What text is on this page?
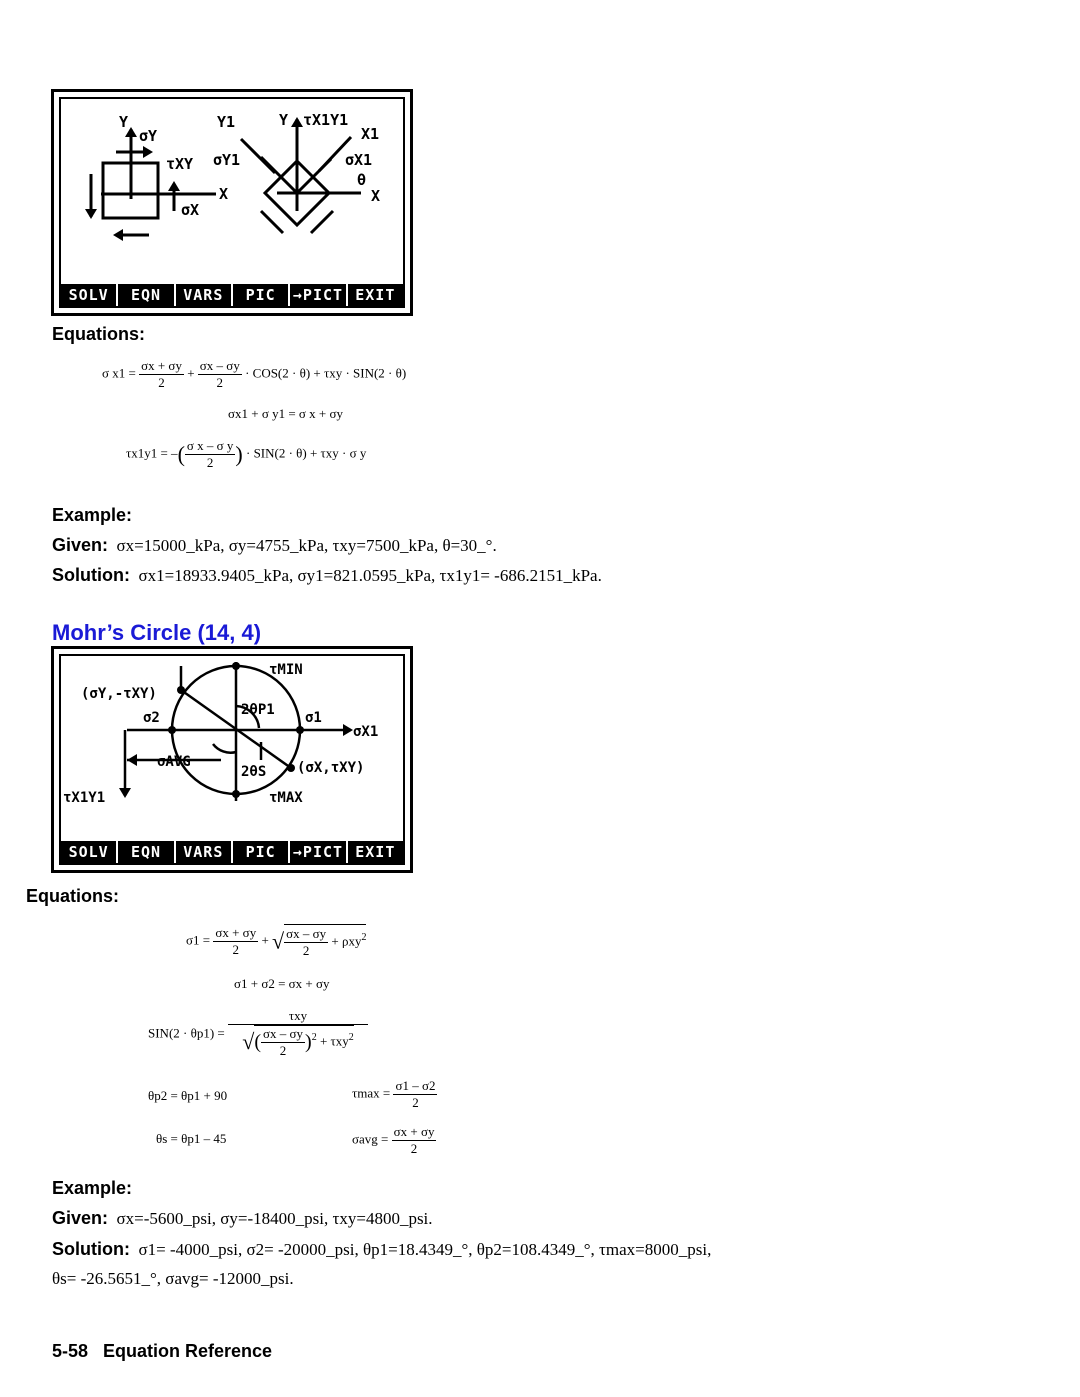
Y
σY
τXY
σX
X
Y1	Y τX1Y1
X1
σY1	σX1
θ
X
SOLV	EQN	VARS	PIC	→PICT EXIT
Equations:
σ $x1 = \frac{\sigma x + \sigma y}{2} + \frac{\sigma x - \sigma y}{2} \cdot COS(2 \cdot \theta) + \tau xy \cdot SIN(2 \cdot \theta)$
σx1 + σ y1 = σ x + σy
τx1y1 = –( $\frac{\text{σ x – σ y}}{2}$ ) · SIN(2 · θ) + τxy · σ y
Example:
Given: σx=15000_kPa, σy=4755_kPa, τxy=7500_kPa, θ=30_°.
Solution: σx1=18933.9405_kPa, σy1=821.0595_kPa, τx1y1= -686.2151_kPa.
Mohr’s Circle (14, 4)
τMIN
(σY,-τXY)
σ2	2θP1 σ1
σX1
σAVG
2θS (σX,τXY)
τX1Y1	τMAX
SOLV	EQN	VARS	PIC	→PICT EXIT
Equations:
$\sigma 1 = \frac{\sigma x + \sigma y}{2}$ + √ $\frac{\sigma x - \sigma y}{2} + \rho xy^2$
σ1 + σ2 = σx + σy
$SIN(2 \cdot \theta p1) = \frac{\text{τxy}}{√( \frac{\sigma x - \sigma y}{2} )^2 + \tau xy^2}$
θp2 = θp1 + 90	$\tau\max = \frac{\sigma 1 - \sigma 2}{2}$
θs = θp1 – 45	$\sigma avg = \frac{\sigma x + \sigma y}{2}$
Example:
Given: σx=-5600_psi, σy=-18400_psi, τxy=4800_psi.
Solution: σ1= -4000_psi, σ2= -20000_psi, θp1=18.4349_°, θp2=108.4349_°, τmax=8000_psi,
θs= -26.5651_°, σavg= -12000_psi.
5-58   Equation Reference
